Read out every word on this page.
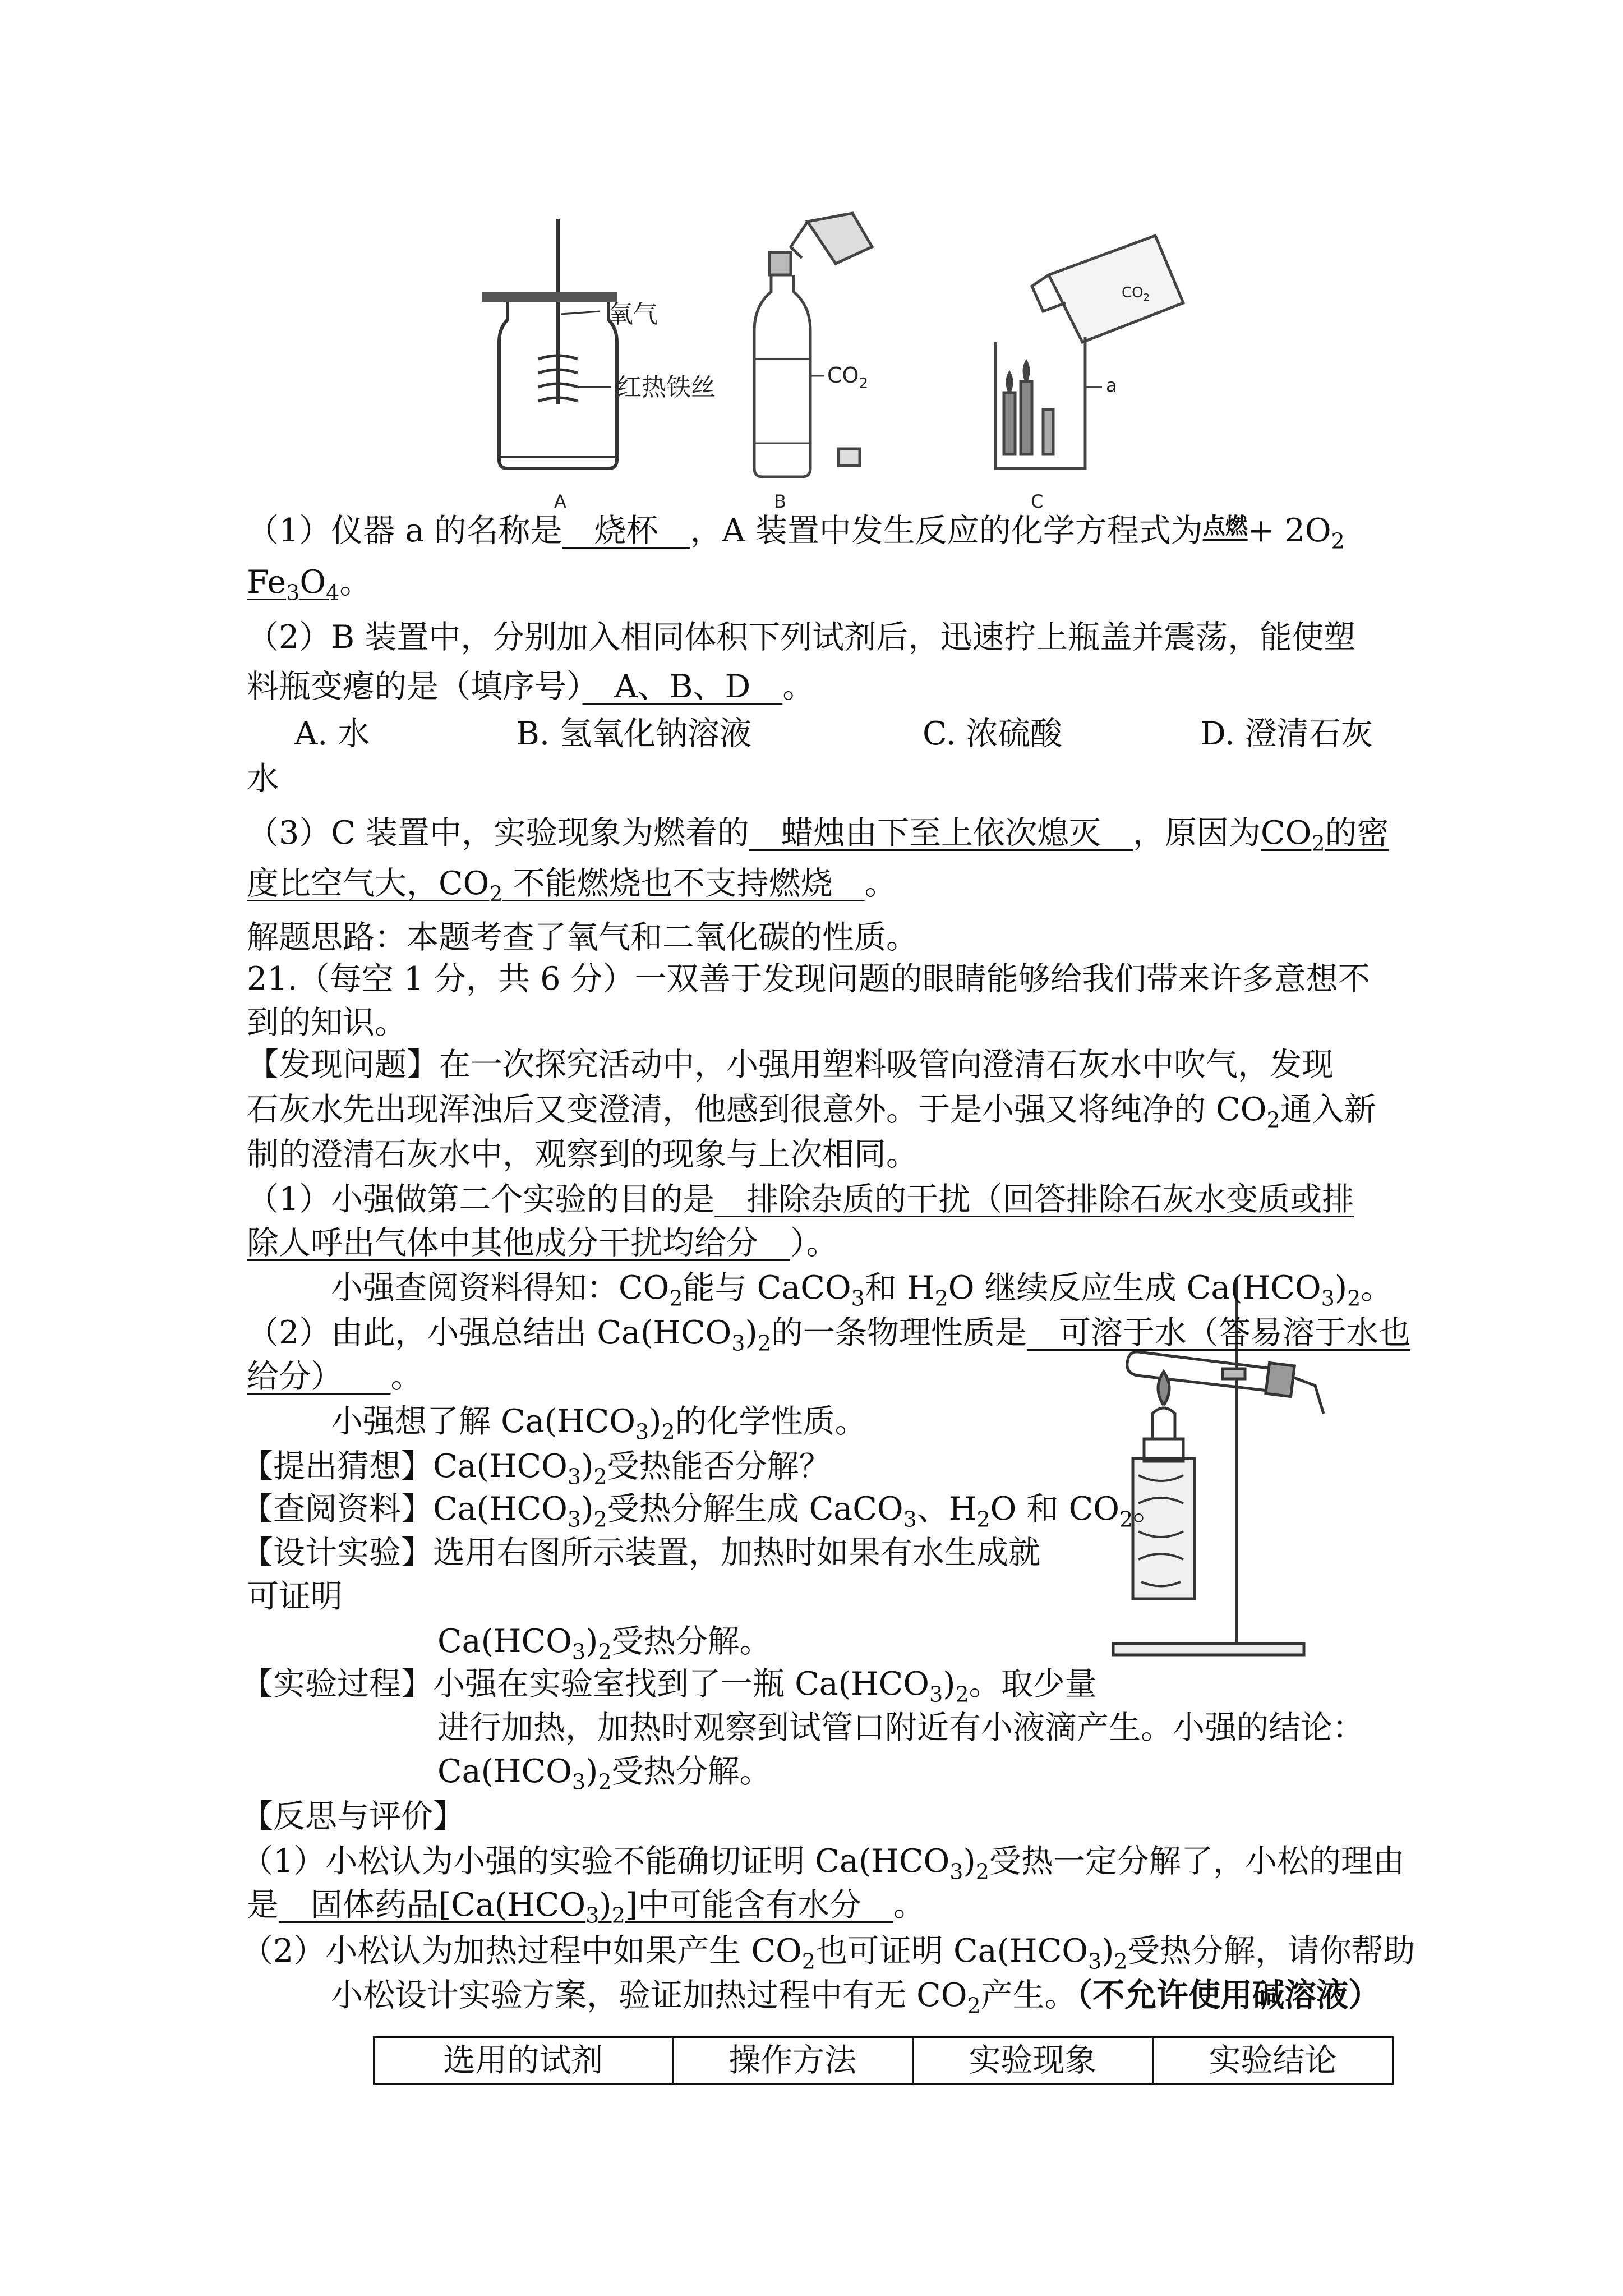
氧气
红热铁丝
A
$CO_2$
B
$CO_2$
a
C
（1）仪器 a 的名称是　烧杯　，A 装置中发生反应的化学方程式为$^{点燃}+ 2O_2$
$Fe_3O_4$。
（2）B 装置中，分别加入相同体积下列试剂后，迅速拧上瓶盖并震荡，能使塑
料瓶变瘪的是（填序号）　A、B、D　。
A. 水	B. 氢氧化钠溶液	C. 浓硫酸	D. 澄清石灰
水
（3）C 装置中，实验现象为燃着的　蜡烛由下至上依次熄灭　，原因为$CO_2$的密
度比空气大，$CO_2$ 不能燃烧也不支持燃烧　。
解题思路：本题考查了氧气和二氧化碳的性质。
21.（每空 1 分，共 6 分）一双善于发现问题的眼睛能够给我们带来许多意想不
到的知识。
【发现问题】在一次探究活动中，小强用塑料吸管向澄清石灰水中吹气，发现
石灰水先出现浑浊后又变澄清，他感到很意外。于是小强又将纯净的 $CO_2$通入新
制的澄清石灰水中，观察到的现象与上次相同。
（1）小强做第二个实验的目的是　排除杂质的干扰（回答排除石灰水变质或排
除人呼出气体中其他成分干扰均给分　）。
小强查阅资料得知：$CO_2$能与 CaCO$_3$和 $H_2O$ 继续反应生成 $Ca(HCO_3)_2$。
（2）由此，小强总结出 $Ca(HCO_3)_2$的一条物理性质是　可溶于水（答易溶于水也
给分）　　。
小强想了解 $Ca(HCO_3)_2$的化学性质。
【提出猜想】$Ca(HCO_3)_2$受热能否分解？
【查阅资料】$Ca(HCO_3)_2$受热分解生成 CaCO$_3$、$H_2O$ 和 $CO_2$。
【设计实验】选用右图所示装置，加热时如果有水生成就
可证明
$Ca(HCO_3)_2$受热分解。
【实验过程】小强在实验室找到了一瓶 $Ca(HCO_3)_2$。取少量
进行加热，加热时观察到试管口附近有小液滴产生。小强的结论：
$Ca(HCO_3)_2$受热分解。
【反思与评价】
（1）小松认为小强的实验不能确切证明 $Ca(HCO_3)_2$受热一定分解了，小松的理由
是　固体药品$[Ca(HCO_3)_2]$中可能含有水分　。
（2）小松认为加热过程中如果产生 $CO_2$也可证明 $Ca(HCO_3)_2$受热分解，请你帮助
小松设计实验方案，验证加热过程中有无 $CO_2$产生。（不允许使用碱溶液）
选用的试剂	操作方法	实验现象	实验结论
